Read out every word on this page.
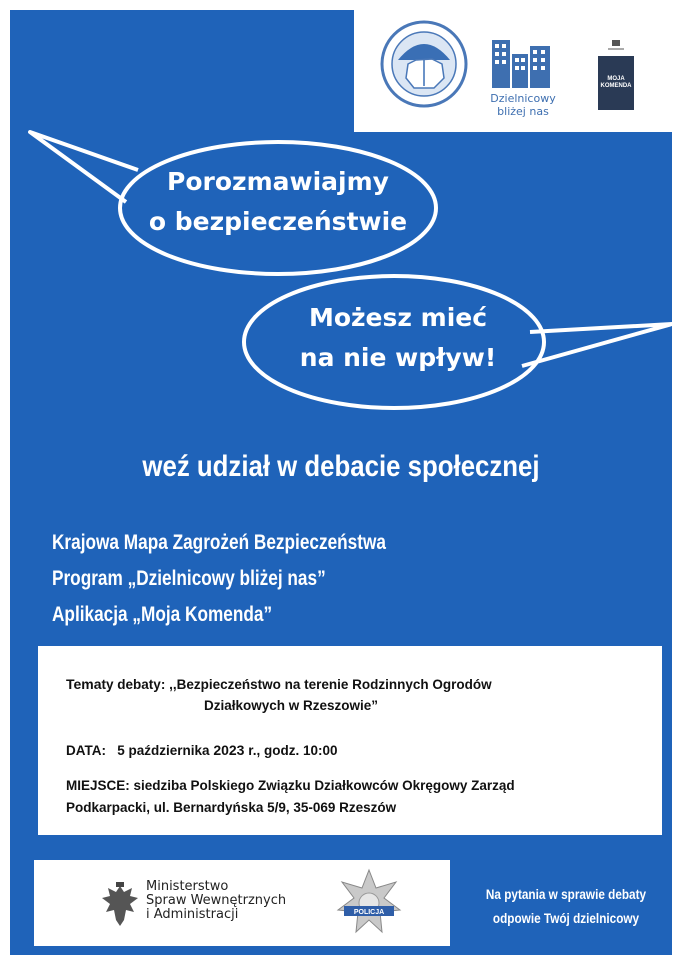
Dzielnicowy
bliżej nas
MOJA
KOMENDA
Porozmawiajmy
o bezpieczeństwie
Możesz mieć
na nie wpływ!
weź udział w debacie społecznej
Krajowa Mapa Zagrożeń Bezpieczeństwa
Program „Dzielnicowy bliżej nas”
Aplikacja „Moja Komenda”
Tematy debaty: ,,Bezpieczeństwo na terenie Rodzinnych Ogrodów
Działkowych w Rzeszowie”
DATA: 5 października 2023 r., godz. 10:00
MIEJSCE: siedziba Polskiego Związku Działkowców Okręgowy Zarząd
Podkarpacki, ul. Bernardyńska 5/9, 35-069 Rzeszów
Ministerstwo
Spraw Wewnętrznych
i Administracji	POLICJA
Na pytania w sprawie debaty
odpowie Twój dzielnicowy
